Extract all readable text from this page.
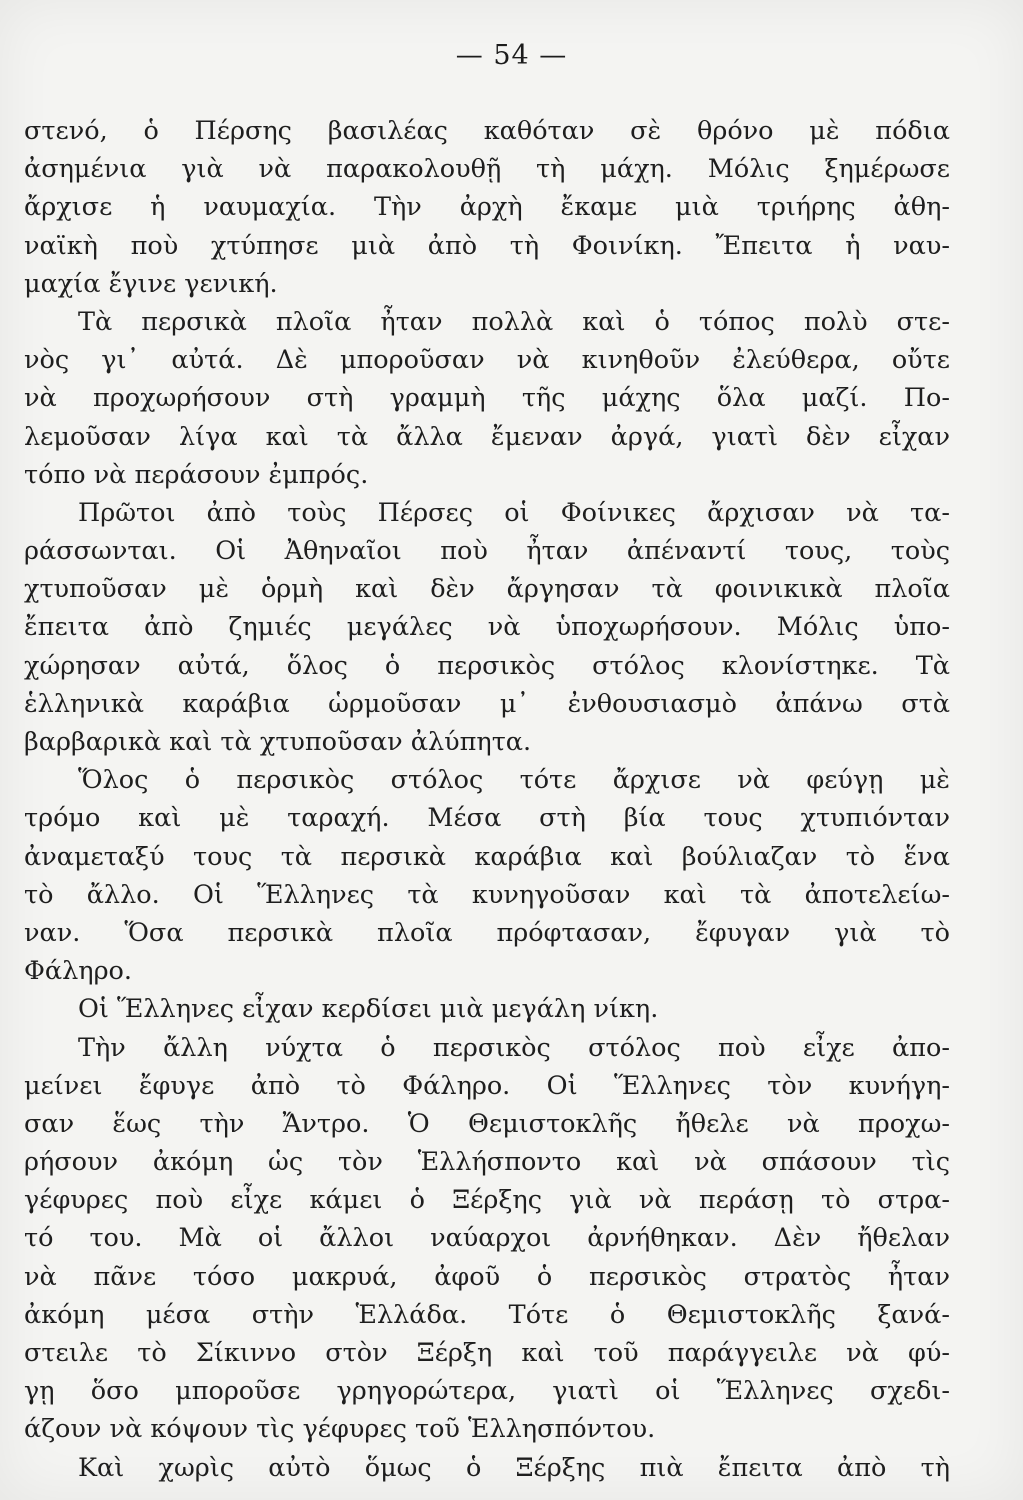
— 54 —
στενό, ὁ Πέρσης βασιλέας καθόταν σὲ θρόνο μὲ πόδια
ἀσημένια γιὰ νὰ παρακολουθῇ τὴ μάχη. Μόλις ξημέρωσε
ἄρχισε ἡ ναυμαχία. Τὴν ἀρχὴ ἔκαμε μιὰ τριήρης ἀθη-
ναϊκὴ ποὺ χτύπησε μιὰ ἀπὸ τὴ Φοινίκη. Ἔπειτα ἡ ναυ-
μαχία ἔγινε γενική.
Τὰ περσικὰ πλοῖα ἦταν πολλὰ καὶ ὁ τόπος πολὺ στε-
νὸς γι᾽ αὐτά. Δὲ μποροῦσαν νὰ κινηθοῦν ἐλεύθερα, οὔτε
νὰ προχωρήσουν στὴ γραμμὴ τῆς μάχης ὅλα μαζί. Πο-
λεμοῦσαν λίγα καὶ τὰ ἄλλα ἔμεναν ἀργά, γιατὶ δὲν εἶχαν
τόπο νὰ περάσουν ἐμπρός.
Πρῶτοι ἀπὸ τοὺς Πέρσες οἱ Φοίνικες ἄρχισαν νὰ τα-
ράσσωνται. Οἱ Ἀθηναῖοι ποὺ ἦταν ἀπέναντί τους, τοὺς
χτυποῦσαν μὲ ὁρμὴ καὶ δὲν ἄργησαν τὰ φοινικικὰ πλοῖα
ἔπειτα ἀπὸ ζημιές μεγάλες νὰ ὑποχωρήσουν. Μόλις ὑπο-
χώρησαν αὐτά, ὅλος ὁ περσικὸς στόλος κλονίστηκε. Τὰ
ἑλληνικὰ καράβια ὡρμοῦσαν μ᾽ ἐνθουσιασμὸ ἀπάνω στὰ
βαρβαρικὰ καὶ τὰ χτυποῦσαν ἀλύπητα.
Ὅλος ὁ περσικὸς στόλος τότε ἄρχισε νὰ φεύγῃ μὲ
τρόμο καὶ μὲ ταραχή. Μέσα στὴ βία τους χτυπιόνταν
ἀναμεταξύ τους τὰ περσικὰ καράβια καὶ βούλιαζαν τὸ ἕνα
τὸ ἄλλο. Οἱ Ἕλληνες τὰ κυνηγοῦσαν καὶ τὰ ἀποτελείω-
ναν. Ὅσα περσικὰ πλοῖα πρόφτασαν, ἔφυγαν γιὰ τὸ
Φάληρο.
Οἱ Ἕλληνες εἶχαν κερδίσει μιὰ μεγάλη νίκη.
Τὴν ἄλλη νύχτα ὁ περσικὸς στόλος ποὺ εἶχε ἀπο-
μείνει ἔφυγε ἀπὸ τὸ Φάληρο. Οἱ Ἕλληνες τὸν κυνήγη-
σαν ἕως τὴν Ἄντρο. Ὁ Θεμιστοκλῆς ἤθελε νὰ προχω-
ρήσουν ἀκόμη ὡς τὸν Ἑλλήσποντο καὶ νὰ σπάσουν τὶς
γέφυρες ποὺ εἶχε κάμει ὁ Ξέρξης γιὰ νὰ περάσῃ τὸ στρα-
τό του. Μὰ οἱ ἄλλοι ναύαρχοι ἀρνήθηκαν. Δὲν ἤθελαν
νὰ πᾶνε τόσο μακρυά, ἀφοῦ ὁ περσικὸς στρατὸς ἦταν
ἀκόμη μέσα στὴν Ἑλλάδα. Τότε ὁ Θεμιστοκλῆς ξανά-
στειλε τὸ Σίκιννο στὸν Ξέρξη καὶ τοῦ παράγγειλε νὰ φύ-
γῃ ὅσο μποροῦσε γρηγορώτερα, γιατὶ οἱ Ἕλληνες σχεδι-
άζουν νὰ κόψουν τὶς γέφυρες τοῦ Ἑλλησπόντου.
Καὶ χωρὶς αὐτὸ ὅμως ὁ Ξέρξης πιὰ ἔπειτα ἀπὸ τὴ
